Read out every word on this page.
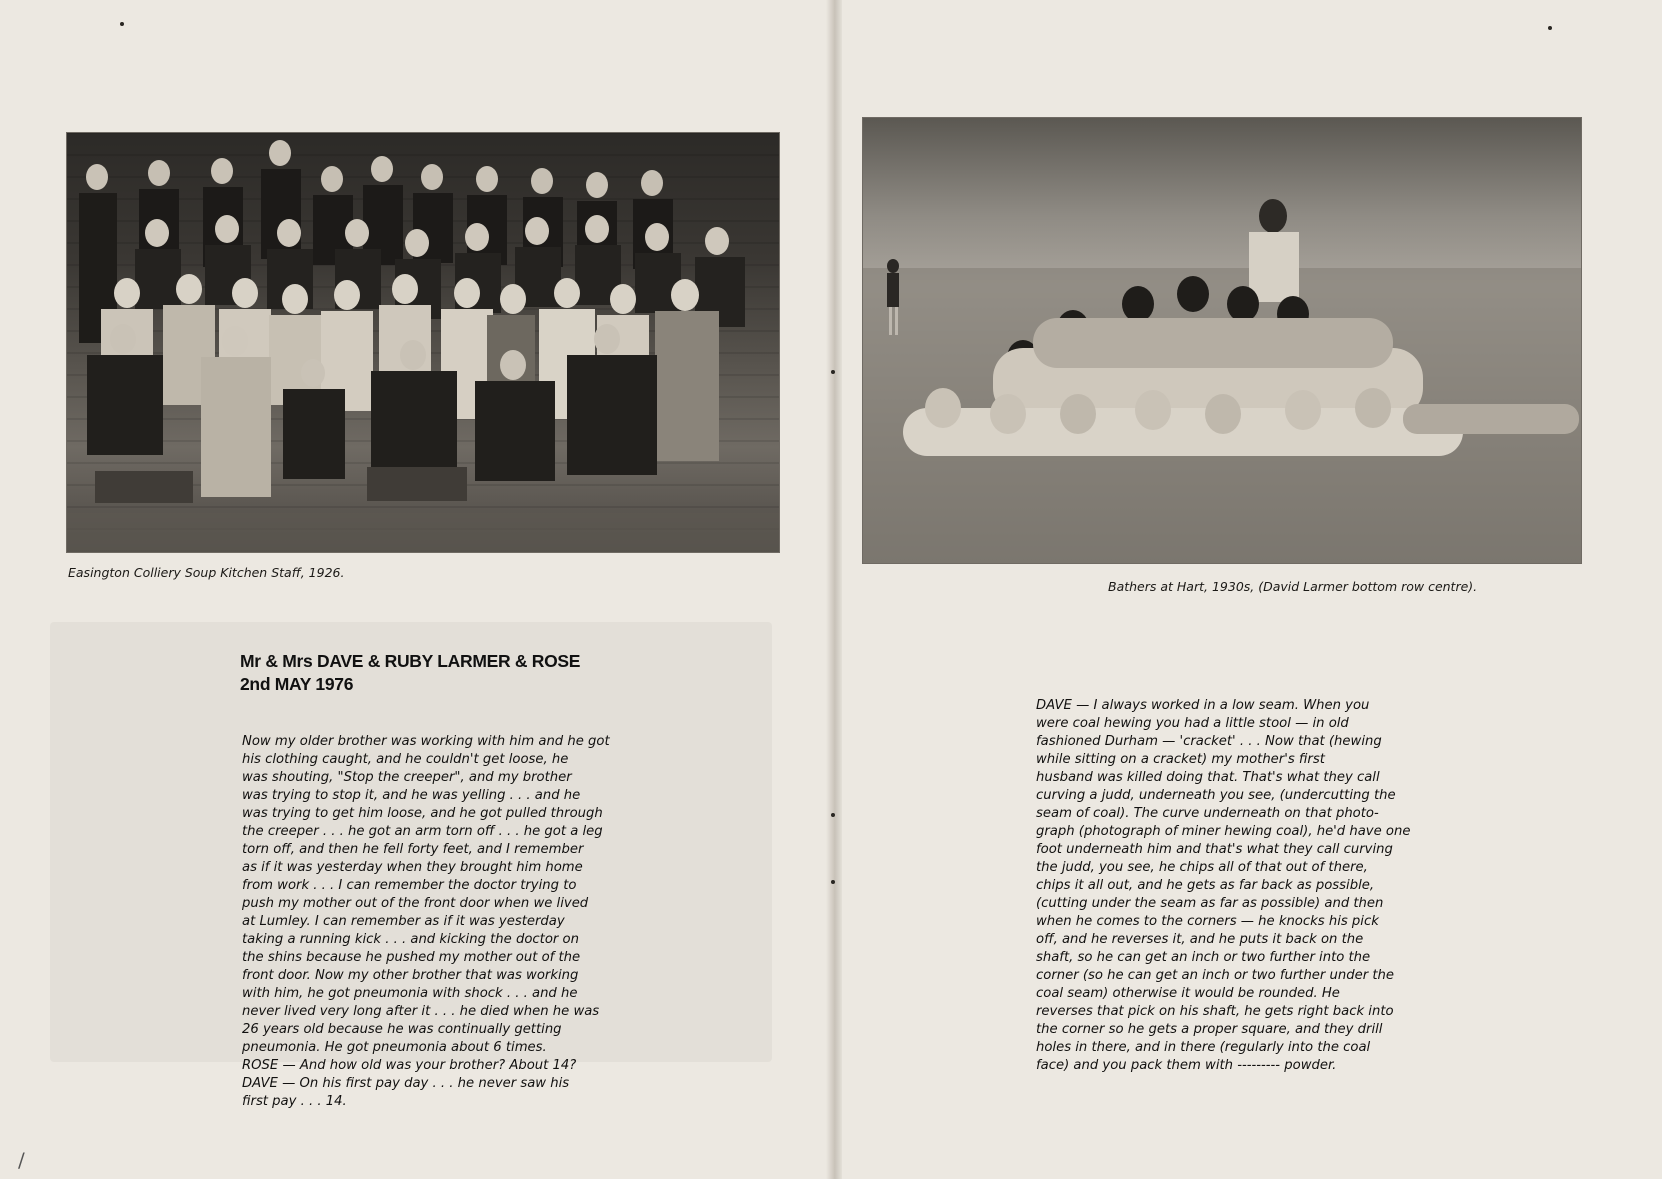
/

Easington Colliery Soup Kitchen Staff, 1926.

Bathers at Hart, 1930s, (David Larmer bottom row centre).

Mr & Mrs DAVE & RUBY LARMER & ROSE
2nd MAY 1976
Now my older brother was working with him and he got
his clothing caught, and he couldn't get loose, he
was shouting, "Stop the creeper", and my brother
was trying to stop it, and he was yelling . . . and he
was trying to get him loose, and he got pulled through
the creeper . . . he got an arm torn off . . . he got a leg
torn off, and then he fell forty feet, and I remember
as if it was yesterday when they brought him home
from work . . . I can remember the doctor trying to
push my mother out of the front door when we lived
at Lumley. I can remember as if it was yesterday
taking a running kick . . . and kicking the doctor on
the shins because he pushed my mother out of the
front door. Now my other brother that was working
with him, he got pneumonia with shock . . . and he
never lived very long after it . . . he died when he was
26 years old because he was continually getting
pneumonia. He got pneumonia about 6 times.
ROSE — And how old was your brother? About 14?
DAVE — On his first pay day . . . he never saw his
first pay . . . 14.
DAVE — I always worked in a low seam. When you
were coal hewing you had a little stool — in old
fashioned Durham — 'cracket' . . . Now that (hewing
while sitting on a cracket) my mother's first
husband was killed doing that. That's what they call
curving a judd, underneath you see, (undercutting the
seam of coal). The curve underneath on that photo-
graph (photograph of miner hewing coal), he'd have one
foot underneath him and that's what they call curving
the judd, you see, he chips all of that out of there,
chips it all out, and he gets as far back as possible,
(cutting under the seam as far as possible) and then
when he comes to the corners — he knocks his pick
off, and he reverses it, and he puts it back on the
shaft, so he can get an inch or two further into the
corner (so he can get an inch or two further under the
coal seam) otherwise it would be rounded. He
reverses that pick on his shaft, he gets right back into
the corner so he gets a proper square, and they drill
holes in there, and in there (regularly into the coal
face) and you pack them with --------- powder.
